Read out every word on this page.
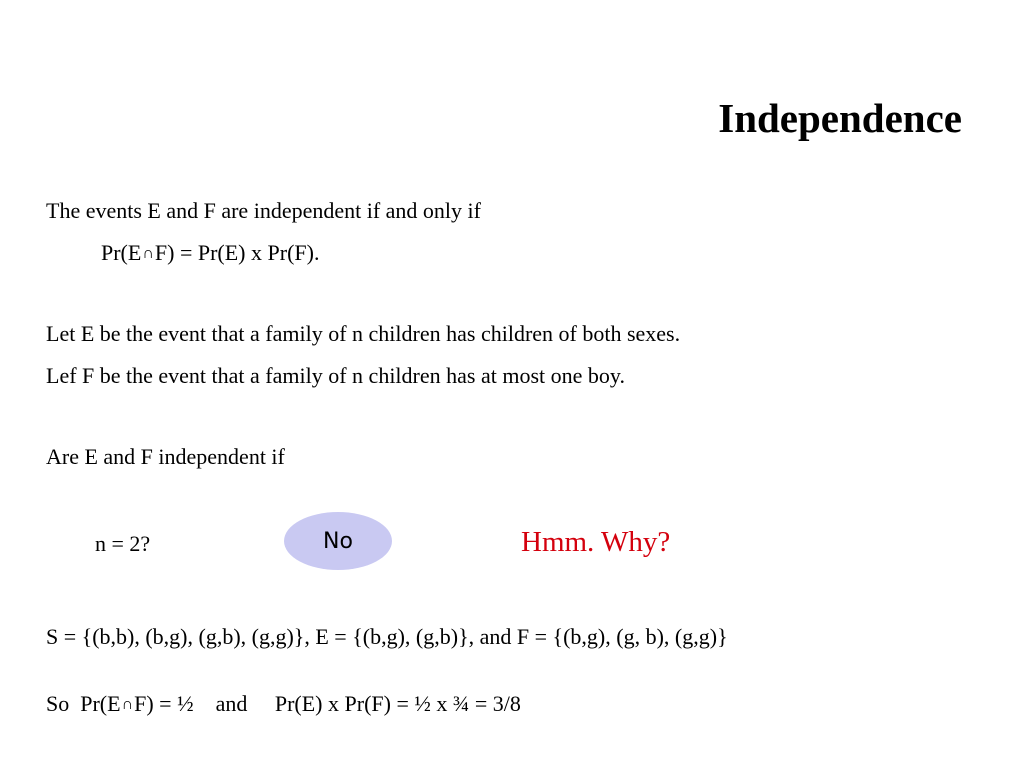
Independence
The events E and F are independent if and only if
Pr(E∩F) = Pr(E) x Pr(F).
Let E be the event that a family of n children has children of both sexes.
Lef F be the event that a family of n children has at most one boy.
Are E and F independent if
n = 2?	No	Hmm. Why?
S = {(b,b), (b,g), (g,b), (g,g)}, E = {(b,g), (g,b)}, and F = {(b,g), (g, b), (g,g)}
So  Pr(E∩F) = ½    and     Pr(E) x Pr(F) = ½ x ¾ = 3/8
